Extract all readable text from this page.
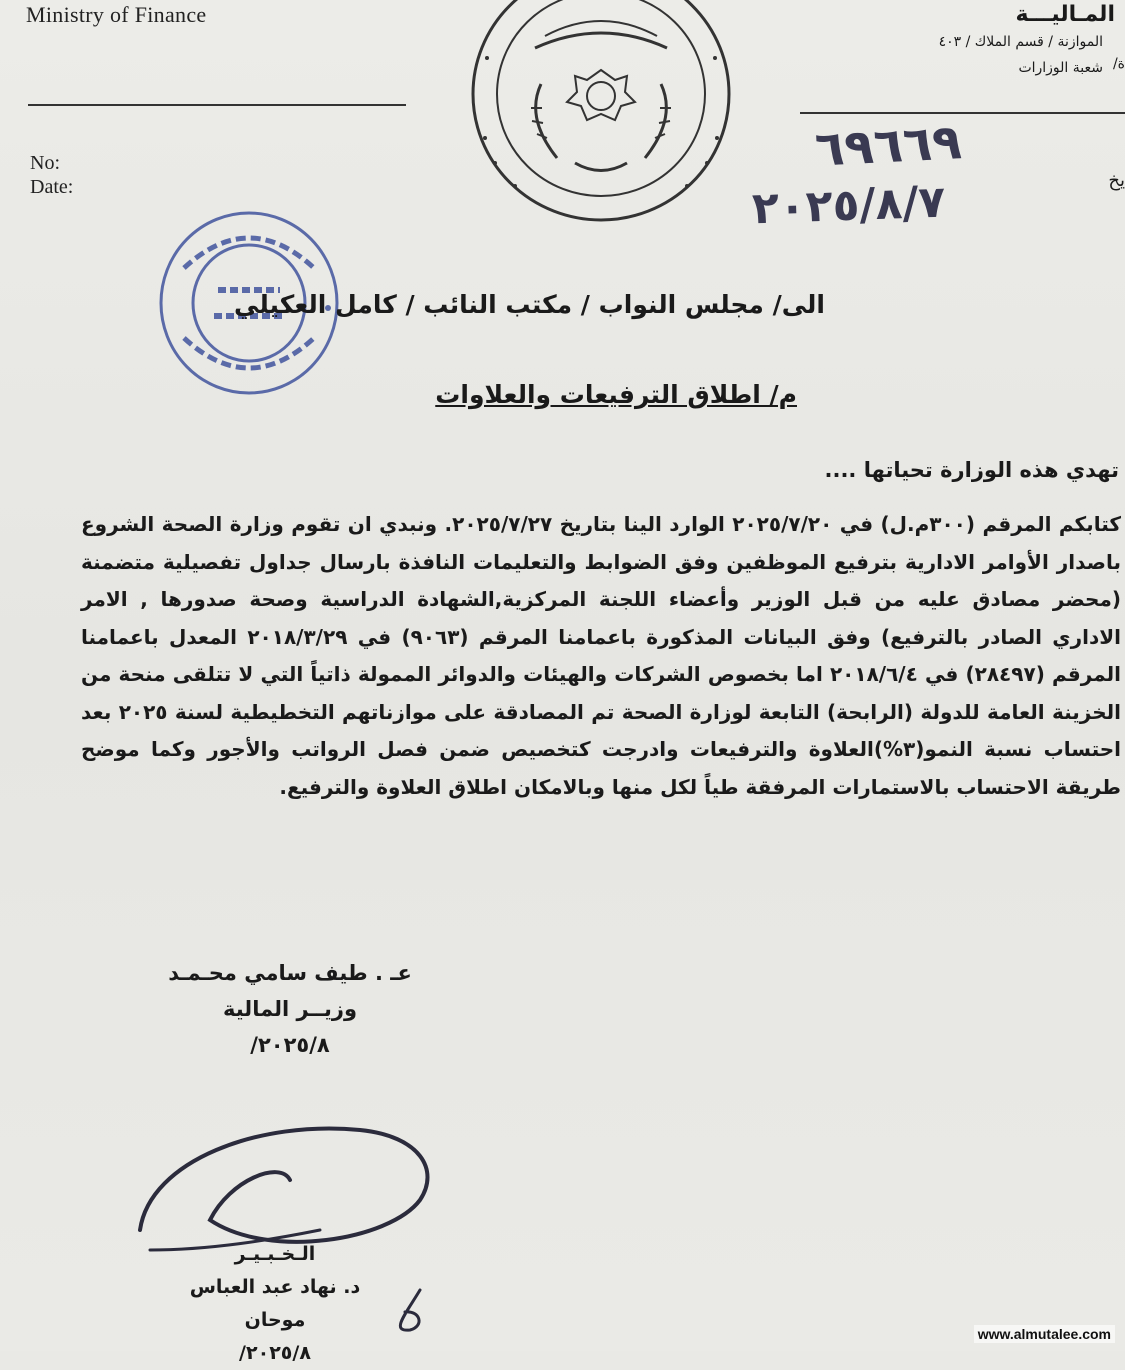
Ministry of Finance
No:
Date:
المـاليـــة
الموازنة / قسم الملاك / ٤٠٣
شعبة الوزارات ة/
يخ
٦٩٦٦٩
٢٠٢٥/٨/٧
الى/ مجلس النواب / مكتب النائب / كامل العكيلي
م/ اطلاق الترفيعات والعلاوات
تهدي هذه الوزارة تحياتها ....
كتابكم المرقم (٣٠٠م.ل) في ٢٠٢٥/٧/٢٠ الوارد الينا بتاريخ ٢٠٢٥/٧/٢٧. ونبدي ان تقوم وزارة الصحة الشروع باصدار الأوامر الادارية بترفيع الموظفين وفق الضوابط والتعليمات النافذة بارسال جداول تفصيلية متضمنة (محضر مصادق عليه من قبل الوزير وأعضاء اللجنة المركزية,الشهادة الدراسية وصحة صدورها , الامر الاداري الصادر بالترفيع) وفق البيانات المذكورة باعمامنا المرقم (٩٠٦٣) في ٢٠١٨/٣/٢٩ المعدل باعمامنا المرقم (٢٨٤٩٧) في ٢٠١٨/٦/٤ اما بخصوص الشركات والهيئات والدوائر الممولة ذاتياً التي لا تتلقى منحة من الخزينة العامة للدولة (الرابحة) التابعة لوزارة الصحة تم المصادقة على موازناتهم التخطيطية لسنة ٢٠٢٥ بعد احتساب نسبة النمو(٣%)العلاوة والترفيعات وادرجت كتخصيص ضمن فصل الرواتب والأجور وكما موضح طريقة الاحتساب بالاستمارات المرفقة طياً لكل منها وبالامكان اطلاق العلاوة والترفيع.
عـ . طيف سامي محـمـد
وزيــر المالية
٢٠٢٥/٨/
الـخـبـيـر
د. نهاد عبد العباس موحان
٢٠٢٥/٨/
www.almutalee.com
